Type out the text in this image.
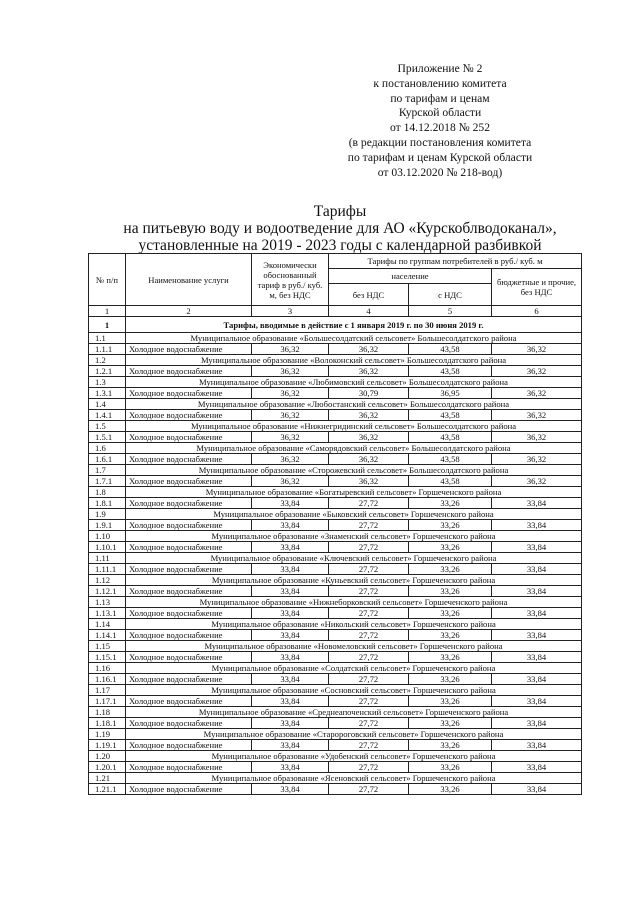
Приложение № 2
к постановлению комитета
по тарифам и ценам
Курской области
от 14.12.2018 № 252
(в редакции постановления комитета
по тарифам и ценам Курской области
от 03.12.2020 № 218-вод)
Тарифы
на питьевую воду и водоотведение для АО «Курскоблводоканал»,
установленные на 2019 - 2023 годы с календарной разбивкой
№ п/п	Наименование услуги	Экономически обоснованный тариф в руб./ куб. м, без НДС	Тарифы по группам потребителей в руб./ куб. м		
			население		бюджетные и прочие, без НДС
			без НДС	с НДС	
1	2	3	4	5	6
1	Тарифы, вводимые в действие с 1 января 2019 г. по 30 июня 2019 г.				
1.1	Муниципальное образование «Большесолдатский сельсовет» Большесолдатского района				
1.1.1	Холодное водоснабжение	36,32	36,32	43,58	36,32
1.2	Муниципальное образование «Волоконский сельсовет» Большесолдатского района				
1.2.1	Холодное водоснабжение	36,32	36,32	43,58	36,32
1.3	Муниципальное образование «Любимовский сельсовет» Большесолдатского района				
1.3.1	Холодное водоснабжение	36,32	30,79	36,95	36,32
1.4	Муниципальное образование «Любостанский сельсовет» Большесолдатского района				
1.4.1	Холодное водоснабжение	36,32	36,32	43,58	36,32
1.5	Муниципальное образование «Нижнегридинский сельсовет» Большесолдатского района				
1.5.1	Холодное водоснабжение	36,32	36,32	43,58	36,32
1.6	Муниципальное образование «Саморядовский сельсовет» Большесолдатского района				
1.6.1	Холодное водоснабжение	36,32	36,32	43,58	36,32
1.7	Муниципальное образование «Сторожевский сельсовет» Большесолдатского района				
1.7.1	Холодное водоснабжение	36,32	36,32	43,58	36,32
1.8	Муниципальное образование «Богатыревский сельсовет» Горшеченского района				
1.8.1	Холодное водоснабжение	33,84	27,72	33,26	33,84
1.9	Муниципальное образование «Быковский сельсовет» Горшеченского района				
1.9.1	Холодное водоснабжение	33,84	27,72	33,26	33,84
1.10	Муниципальное образование «Знаменский сельсовет» Горшеченского района				
1.10.1	Холодное водоснабжение	33,84	27,72	33,26	33,84
1.11	Муниципальное образование «Ключевский сельсовет» Горшеченского района				
1.11.1	Холодное водоснабжение	33,84	27,72	33,26	33,84
1.12	Муниципальное образование «Куньевский сельсовет» Горшеченского района				
1.12.1	Холодное водоснабжение	33,84	27,72	33,26	33,84
1.13	Муниципальное образование «Нижнеборковский сельсовет» Горшеченского района				
1.13.1	Холодное водоснабжение	33,84	27,72	33,26	33,84
1.14	Муниципальное образование «Никольский сельсовет» Горшеченского района				
1.14.1	Холодное водоснабжение	33,84	27,72	33,26	33,84
1.15	Муниципальное образование «Новомеловский сельсовет» Горшеченского района				
1.15.1	Холодное водоснабжение	33,84	27,72	33,26	33,84
1.16	Муниципальное образование «Солдатский сельсовет» Горшеченского района				
1.16.1	Холодное водоснабжение	33,84	27,72	33,26	33,84
1.17	Муниципальное образование «Сосновский сельсовет» Горшеченского района				
1.17.1	Холодное водоснабжение	33,84	27,72	33,26	33,84
1.18	Муниципальное образование «Среднеапоченский сельсовет» Горшеченского района				
1.18.1	Холодное водоснабжение	33,84	27,72	33,26	33,84
1.19	Муниципальное образование «Старороговский сельсовет» Горшеченского района				
1.19.1	Холодное водоснабжение	33,84	27,72	33,26	33,84
1.20	Муниципальное образование «Удобенский сельсовет» Горшеченского района				
1.20.1	Холодное водоснабжение	33,84	27,72	33,26	33,84
1.21	Муниципальное образование «Ясеновский сельсовет» Горшеченского района				
1.21.1	Холодное водоснабжение	33,84	27,72	33,26	33,84
